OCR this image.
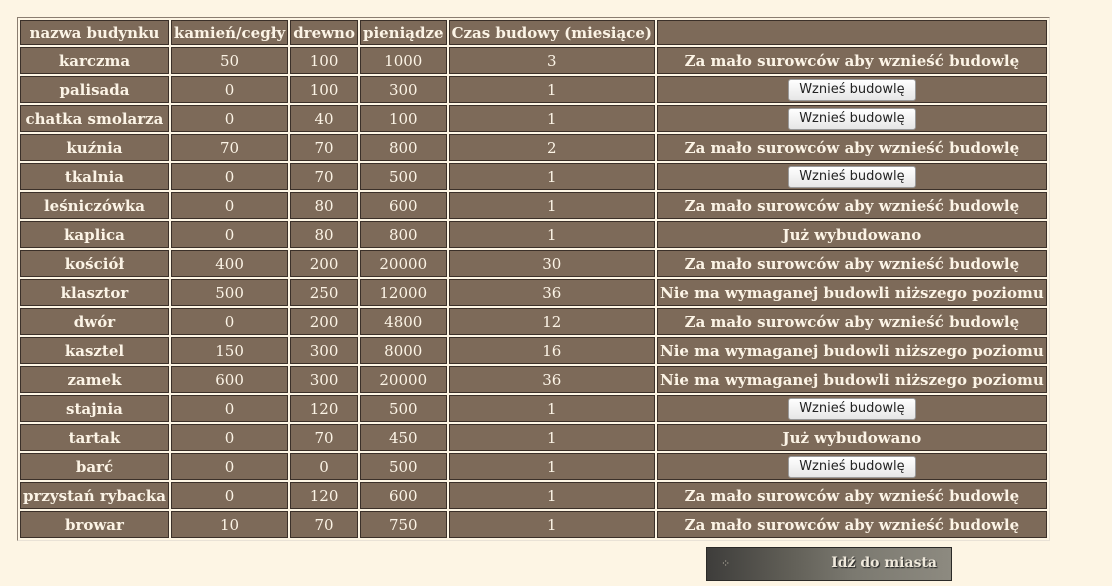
nazwa budynku	kamień/cegły	drewno	pieniądze	Czas budowy (miesiące)	
karczma	50	100	1000	3	Za mało surowców aby wznieść budowlę
palisada	0	100	300	1	Wznieś budowlę
chatka smolarza	0	40	100	1	Wznieś budowlę
kuźnia	70	70	800	2	Za mało surowców aby wznieść budowlę
tkalnia	0	70	500	1	Wznieś budowlę
leśniczówka	0	80	600	1	Za mało surowców aby wznieść budowlę
kaplica	0	80	800	1	Już wybudowano
kościół	400	200	20000	30	Za mało surowców aby wznieść budowlę
klasztor	500	250	12000	36	Nie ma wymaganej budowli niższego poziomu
dwór	0	200	4800	12	Za mało surowców aby wznieść budowlę
kasztel	150	300	8000	16	Nie ma wymaganej budowli niższego poziomu
zamek	600	300	20000	36	Nie ma wymaganej budowli niższego poziomu
stajnia	0	120	500	1	Wznieś budowlę
tartak	0	70	450	1	Już wybudowano
barć	0	0	500	1	Wznieś budowlę
przystań rybacka	0	120	600	1	Za mało surowców aby wznieść budowlę
browar	10	70	750	1	Za mało surowców aby wznieść budowlę
⁘	Idź do miasta
